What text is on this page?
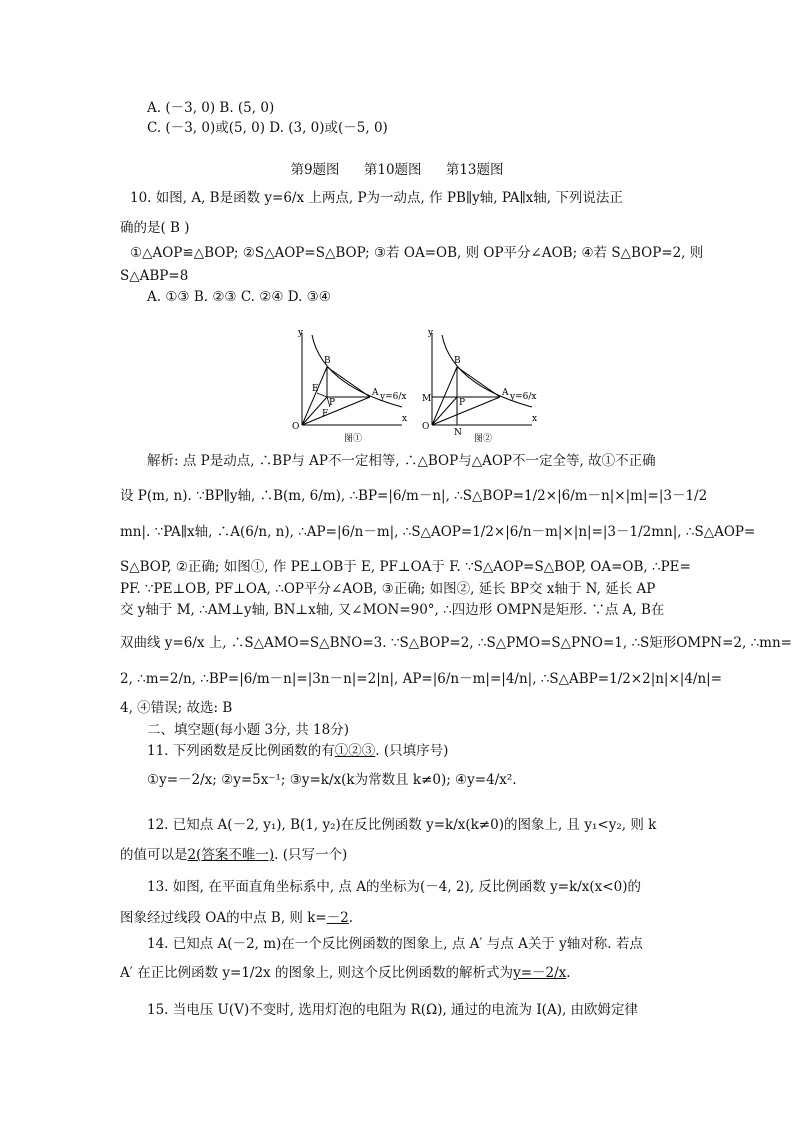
A. (－3, 0) B. (5, 0)
C. (－3, 0)或(5, 0) D. (3, 0)或(－5, 0)
第9题图 第10题图 第13题图
10. 如图, A, B是函数 y=6/x 上两点, P为一动点, 作 PB∥y轴, PA∥x轴, 下列说法正
确的是( B )
①△AOP≌△BOP; ②S△AOP=S△BOP; ③若 OA=OB, 则 OP平分∠AOB; ④若 S△BOP=2, 则
S△ABP=8
A. ①③ B. ②③ C. ②④ D. ③④
B
A
E
P
F
O
y
x
y=6/x
图①
B
A
M	P
N
O
y
x
y=6/x
图②
解析: 点 P是动点, ∴BP与 AP不一定相等, ∴△BOP与△AOP不一定全等, 故①不正确
设 P(m, n). ∵BP∥y轴, ∴B(m, 6/m), ∴BP=|6/m－n|, ∴S△BOP=1/2×|6/m－n|×|m|=|3－1/2
mn|. ∵PA∥x轴, ∴A(6/n, n), ∴AP=|6/n－m|, ∴S△AOP=1/2×|6/n－m|×|n|=|3－1/2mn|, ∴S△AOP=
S△BOP, ②正确; 如图①, 作 PE⊥OB于 E, PF⊥OA于 F. ∵S△AOP=S△BOP, OA=OB, ∴PE=
PF. ∵PE⊥OB, PF⊥OA, ∴OP平分∠AOB, ③正确; 如图②, 延长 BP交 x轴于 N, 延长 AP
交 y轴于 M, ∴AM⊥y轴, BN⊥x轴, 又∠MON=90°, ∴四边形 OMPN是矩形. ∵点 A, B在
双曲线 y=6/x 上, ∴S△AMO=S△BNO=3. ∵S△BOP=2, ∴S△PMO=S△PNO=1, ∴S矩形OMPN=2, ∴mn=
2, ∴m=2/n, ∴BP=|6/m－n|=|3n－n|=2|n|, AP=|6/n－m|=|4/n|, ∴S△ABP=1/2×2|n|×|4/n|=
4, ④错误; 故选: B
二、填空题(每小题 3分, 共 18分)
11. 下列函数是反比例函数的有①②③. (只填序号)
①y=－2/x; ②y=5x⁻¹; ③y=k/x(k为常数且 k≠0); ④y=4/x².
12. 已知点 A(－2, y₁), B(1, y₂)在反比例函数 y=k/x(k≠0)的图象上, 且 y₁<y₂, 则 k
的值可以是2(答案不唯一). (只写一个)
13. 如图, 在平面直角坐标系中, 点 A的坐标为(－4, 2), 反比例函数 y=k/x(x<0)的
图象经过线段 OA的中点 B, 则 k=－2.
14. 已知点 A(－2, m)在一个反比例函数的图象上, 点 A′ 与点 A关于 y轴对称. 若点
A′ 在正比例函数 y=1/2x 的图象上, 则这个反比例函数的解析式为y=－2/x.
15. 当电压 U(V)不变时, 选用灯泡的电阻为 R(Ω), 通过的电流为 I(A), 由欧姆定律
